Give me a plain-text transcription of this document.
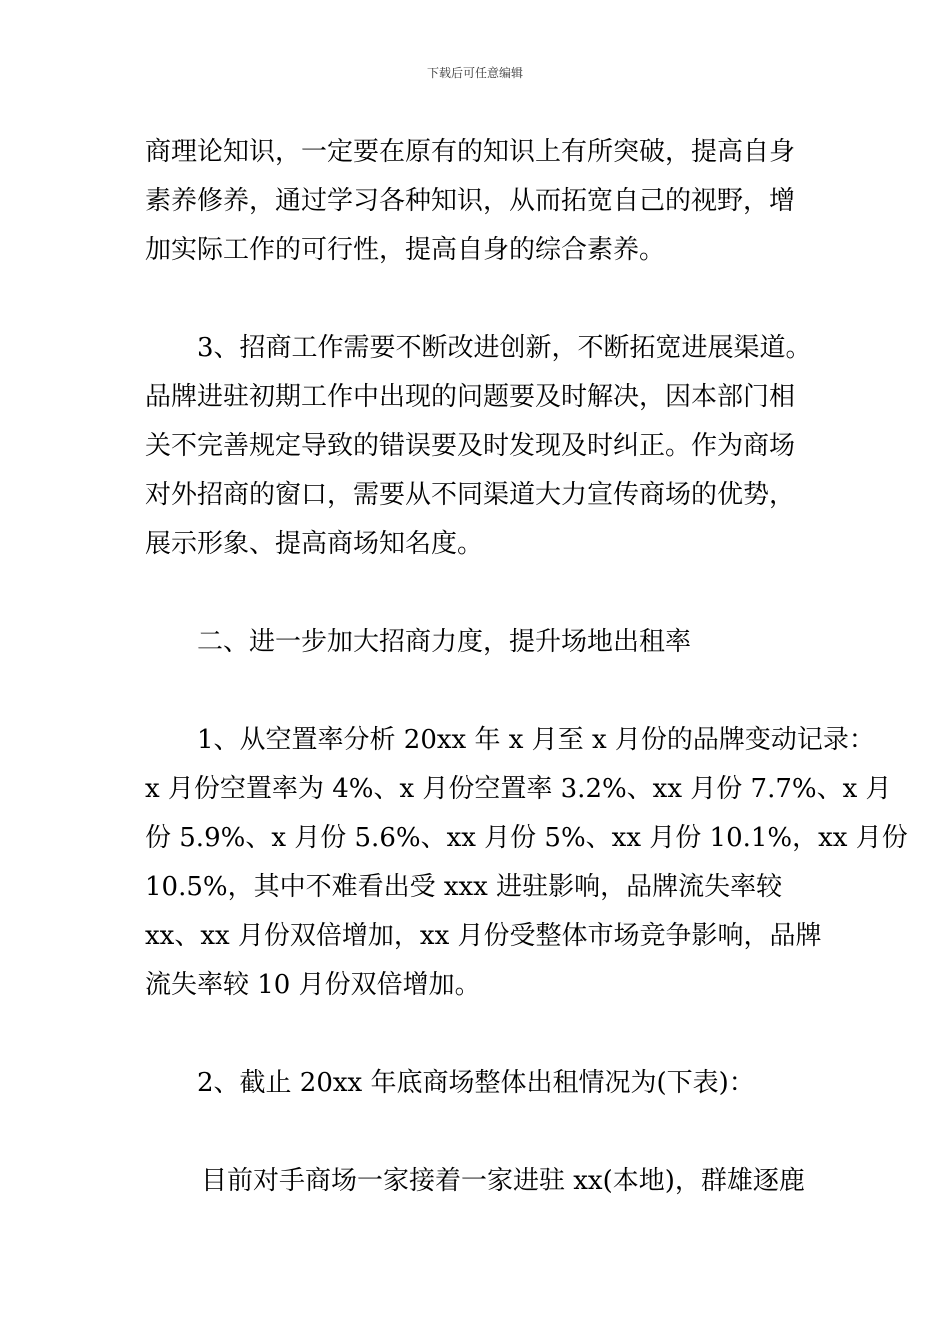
下载后可任意编辑
商理论知识，一定要在原有的知识上有所突破，提高自身
素养修养，通过学习各种知识，从而拓宽自己的视野，增
加实际工作的可行性，提高自身的综合素养。
3、招商工作需要不断改进创新，不断拓宽进展渠道。
品牌进驻初期工作中出现的问题要及时解决，因本部门相
关不完善规定导致的错误要及时发现及时纠正。作为商场
对外招商的窗口，需要从不同渠道大力宣传商场的优势，
展示形象、提高商场知名度。
二、进一步加大招商力度，提升场地出租率
1、从空置率分析 20xx 年 x 月至 x 月份的品牌变动记录：
x 月份空置率为 4%、x 月份空置率 3.2%、xx 月份 7.7%、x 月
份 5.9%、x 月份 5.6%、xx 月份 5%、xx 月份 10.1%，xx 月份
10.5%，其中不难看出受 xxx 进驻影响，品牌流失率较
xx、xx 月份双倍增加，xx 月份受整体市场竞争影响，品牌
流失率较 10 月份双倍增加。
2、截止 20xx 年底商场整体出租情况为(下表)：
目前对手商场一家接着一家进驻 xx(本地)，群雄逐鹿
